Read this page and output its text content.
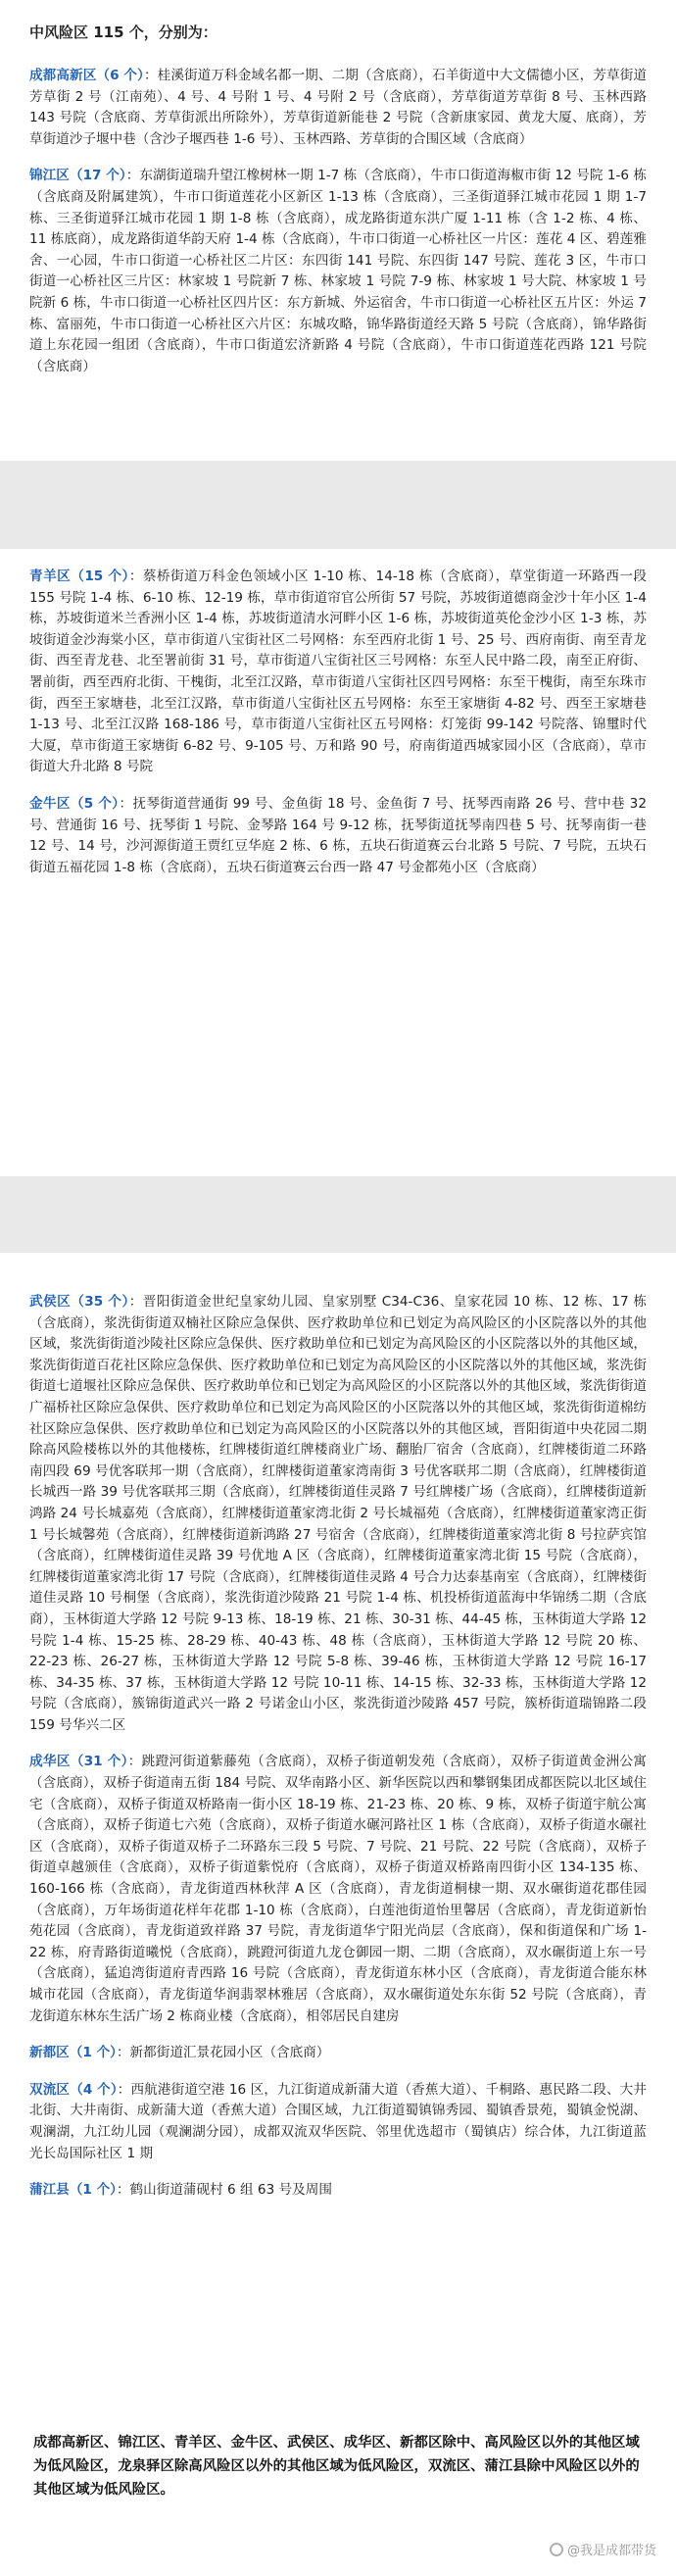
中风险区 115 个，分别为：

成都高新区（6 个）：桂溪街道万科金域名都一期、二期（含底商），石羊街道中大文儒德小区，芳草街道芳草街 2 号（江南苑）、4 号、4 号附 1 号、4 号附 2 号（含底商），芳草街道芳草街 8 号、玉林西路 143 号院（含底商、芳草街派出所除外），芳草街道新能巷 2 号院（含新康家园、黄龙大厦、底商），芳草街道沙子堰中巷（含沙子堰西巷 1-6 号）、玉林西路、芳草街的合围区域（含底商）

锦江区（17 个）：东湖街道瑞升望江橡树林一期 1-7 栋（含底商），牛市口街道海椒市街 12 号院 1-6 栋（含底商及附属建筑），牛市口街道莲花小区新区 1-13 栋（含底商），三圣街道驿江城市花园 1 期 1-7 栋、三圣街道驿江城市花园 1 期 1-8 栋（含底商），成龙路街道东洪广厦 1-11 栋（含 1-2 栋、4 栋、11 栋底商），成龙路街道华韵天府 1-4 栋（含底商），牛市口街道一心桥社区一片区：莲花 4 区、碧莲雅舍、一心园，牛市口街道一心桥社区二片区：东四街 141 号院、东四街 147 号院、莲花 3 区，牛市口街道一心桥社区三片区：林家坡 1 号院新 7 栋、林家坡 1 号院 7-9 栋、林家坡 1 号大院、林家坡 1 号院新 6 栋，牛市口街道一心桥社区四片区：东方新城、外运宿舍，牛市口街道一心桥社区五片区：外运 7 栋、富丽苑，牛市口街道一心桥社区六片区：东城攻略，锦华路街道经天路 5 号院（含底商），锦华路街道上东花园一组团（含底商），牛市口街道宏济新路 4 号院（含底商），牛市口街道莲花西路 121 号院（含底商）

青羊区（15 个）：蔡桥街道万科金色领域小区 1-10 栋、14-18 栋（含底商），草堂街道一环路西一段 155 号院 1-4 栋、6-10 栋、12-19 栋，草市街道帘官公所街 57 号院，苏坡街道德商金沙十年小区 1-4 栋，苏坡街道米兰香洲小区 1-4 栋，苏坡街道清水河畔小区 1-6 栋，苏坡街道英伦金沙小区 1-3 栋，苏坡街道金沙海棠小区，草市街道八宝街社区二号网格：东至西府北街 1 号、25 号、西府南街、南至青龙街、西至青龙巷、北至署前街 31 号，草市街道八宝街社区三号网格：东至人民中路二段，南至正府街、署前街，西至西府北街、干槐街，北至江汉路，草市街道八宝街社区四号网格：东至干槐街，南至东珠市街，西至王家塘巷，北至江汉路，草市街道八宝街社区五号网格：东至王家塘街 4-82 号、西至王家塘巷 1-13 号、北至江汉路 168-186 号，草市街道八宝街社区五号网格：灯笼街 99-142 号院落、锦璽时代大厦，草市街道王家塘街 6-82 号、9-105 号、万和路 90 号，府南街道西城家园小区（含底商），草市街道大升北路 8 号院

金牛区（5 个）：抚琴街道营通街 99 号、金鱼街 18 号、金鱼街 7 号、抚琴西南路 26 号、营中巷 32 号、营通街 16 号、抚琴街 1 号院、金琴路 164 号 9-12 栋，抚琴街道抚琴南四巷 5 号、抚琴南街一巷 12 号、14 号，沙河源街道王贾红豆华庭 2 栋、6 栋，五块石街道赛云台北路 5 号院、7 号院，五块石街道五福花园 1-8 栋（含底商），五块石街道赛云台西一路 47 号金都苑小区（含底商）

武侯区（35 个）：晋阳街道金世纪皇家幼儿园、皇家别墅 C34-C36、皇家花园 10 栋、12 栋、17 栋（含底商），浆洗街街道双楠社区除应急保供、医疗救助单位和已划定为高风险区的小区院落以外的其他区域，浆洗街街道沙陵社区除应急保供、医疗救助单位和已划定为高风险区的小区院落以外的其他区域，浆洗街街道百花社区除应急保供、医疗救助单位和已划定为高风险区的小区院落以外的其他区域，浆洗街街道七道堰社区除应急保供、医疗救助单位和已划定为高风险区的小区院落以外的其他区域，浆洗街街道广福桥社区除应急保供、医疗救助单位和已划定为高风险区的小区院落以外的其他区域，浆洗街街道棉纺社区除应急保供、医疗救助单位和已划定为高风险区的小区院落以外的其他区域，晋阳街道中央花园二期除高风险楼栋以外的其他楼栋，红牌楼街道红牌楼商业广场、翻胎厂宿舍（含底商），红牌楼街道二环路南四段 69 号优客联邦一期（含底商），红牌楼街道董家湾南街 3 号优客联邦二期（含底商），红牌楼街道长城西一路 39 号优客联邦三期（含底商），红牌楼街道佳灵路 7 号红牌楼广场（含底商），红牌楼街道新鸿路 24 号长城嘉苑（含底商），红牌楼街道董家湾北街 2 号长城福苑（含底商），红牌楼街道董家湾正街 1 号长城馨苑（含底商），红牌楼街道新鸿路 27 号宿舍（含底商），红牌楼街道董家湾北街 8 号拉萨宾馆（含底商），红牌楼街道佳灵路 39 号优地 A 区（含底商），红牌楼街道董家湾北街 15 号院（含底商），红牌楼街道董家湾北街 17 号院（含底商），红牌楼街道佳灵路 4 号合力达泰基南室（含底商），红牌楼街道佳灵路 10 号桐堡（含底商），浆洗街道沙陵路 21 号院 1-4 栋、机投桥街道蓝海中华锦绣二期（含底商），玉林街道大学路 12 号院 9-13 栋、18-19 栋、21 栋、30-31 栋、44-45 栋，玉林街道大学路 12 号院 1-4 栋、15-25 栋、28-29 栋、40-43 栋、48 栋（含底商），玉林街道大学路 12 号院 20 栋、22-23 栋、26-27 栋，玉林街道大学路 12 号院 5-8 栋、39-46 栋，玉林街道大学路 12 号院 16-17 栋、34-35 栋、37 栋，玉林街道大学路 12 号院 10-11 栋、14-15 栋、32-33 栋，玉林街道大学路 12 号院（含底商），簇锦街道武兴一路 2 号诺金山小区，浆洗街道沙陵路 457 号院，簇桥街道瑞锦路二段 159 号华兴二区

成华区（31 个）：跳蹬河街道紫藤苑（含底商），双桥子街道朝发苑（含底商），双桥子街道黄金洲公寓（含底商），双桥子街道南五街 184 号院、双华南路小区、新华医院以西和攀钢集团成都医院以北区域住宅（含底商），双桥子街道双桥路南一街小区 18-19 栋、21-23 栋、20 栋、9 栋，双桥子街道宇航公寓（含底商），双桥子街道七六苑（含底商），双桥子街道水碾河路社区 1 栋（含底商），双桥子街道水碾社区（含底商），双桥子街道双桥子二环路东三段 5 号院、7 号院、21 号院、22 号院（含底商），双桥子街道卓越颁佳（含底商），双桥子街道紫悦府（含底商），双桥子街道双桥路南四街小区 134-135 栋、160-166 栋（含底商），青龙街道西林秋萍 A 区（含底商），青龙街道桐棣一期、双水碾街道花郡佳园（含底商），万年场街道花样年花郡 1-10 栋（含底商），白莲池街道怡里馨居（含底商），青龙街道新怡苑花园（含底商），青龙街道致祥路 37 号院，青龙街道华宁阳光尚层（含底商），保和街道保和广场 1-22 栋，府青路街道曦悦（含底商），跳蹬河街道九龙仓御园一期、二期（含底商），双水碾街道上东一号（含底商），猛追湾街道府青西路 16 号院（含底商），青龙街道东林小区（含底商），青龙街道合能东林城市花园（含底商），青龙街道华润翡翠林雅居（含底商），双水碾街道处东东街 52 号院（含底商），青龙街道东林东生活广场 2 栋商业楼（含底商），相邻居民自建房

新都区（1 个）：新都街道汇景花园小区（含底商）

双流区（4 个）：西航港街道空港 16 区，九江街道成新蒲大道（香蕉大道）、千桐路、惠民路二段、大井北街、大井南街、成新蒲大道（香蕉大道）合围区域，九江街道蜀镇锦秀园、蜀镇香景苑，蜀镇金悦湖、观澜湖，九江幼儿园（观澜湖分园），成都双流双华医院、邻里优选超市（蜀镇店）综合体，九江街道蓝光长岛国际社区 1 期

蒲江县（1 个）：鹤山街道蒲砚村 6 组 63 号及周围

成都高新区、锦江区、青羊区、金牛区、武侯区、成华区、新都区除中、高风险区以外的其他区域为低风险区，龙泉驿区除高风险区以外的其他区域为低风险区，双流区、蒲江县除中风险区以外的其他区域为低风险区。

@我是成都带货
